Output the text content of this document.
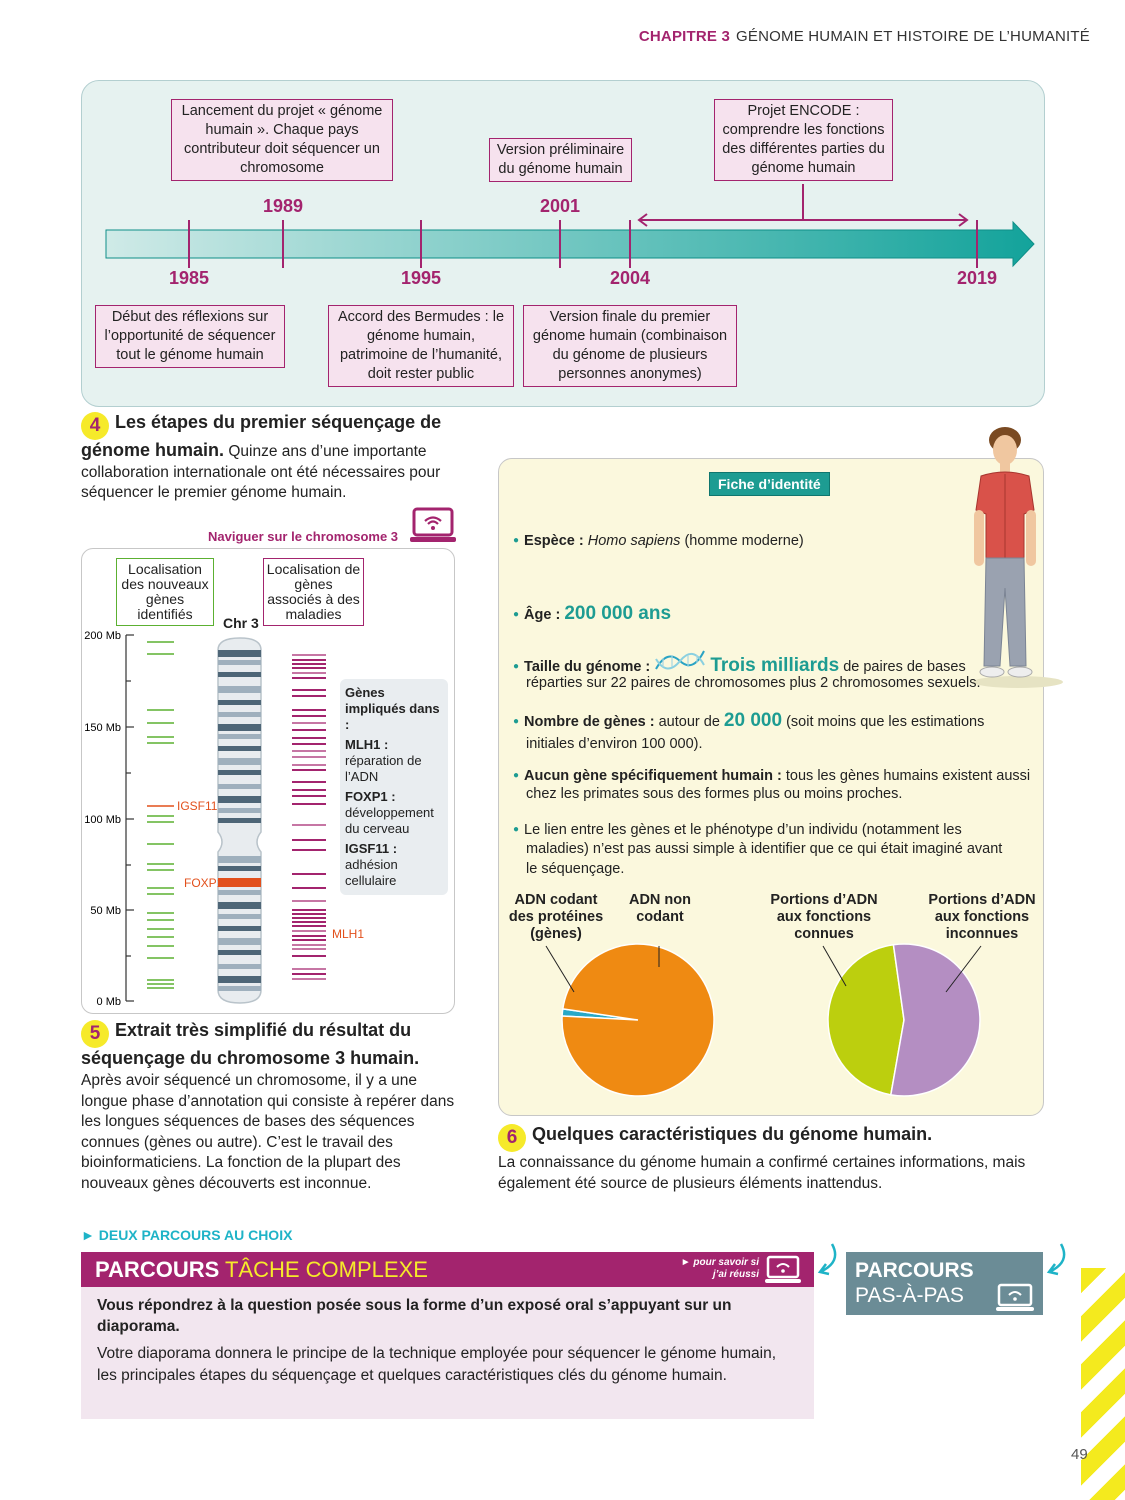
CHAPITRE 3 GÉNOME HUMAIN ET HISTOIRE DE L’HUMANITÉ
Lancement du projet « génome humain ». Chaque pays contributeur doit séquencer un chromosome
Version préliminaire du génome humain
Projet ENCODE : comprendre les fonctions des différentes parties du génome humain
1989	2001
1985	1995	2004	2019
Début des réflexions sur l’opportunité de séquencer tout le génome humain
Accord des Bermudes : le génome humain, patrimoine de l’humanité, doit rester public
Version finale du premier génome humain (combinaison du génome de plusieurs personnes anonymes)
4 Les étapes du premier séquençage de génome humain. Quinze ans d’une importante collaboration internationale ont été nécessaires pour séquencer le premier génome humain.
Naviguer sur le chromosome 3
Localisation des nouveaux gènes identifiés
Localisation de gènes associés à des maladies
Chr 3
200 Mb
150 Mb
100 Mb
50 Mb
0 Mb
IGSF11
FOXP1
MLH1
Gènes impliqués dans :
MLH1 : réparation de l’ADN
FOXP1 : développement du cerveau
IGSF11 : adhésion cellulaire
5 Extrait très simplifié du résultat du séquençage du chromosome 3 humain.
Après avoir séquencé un chromosome, il y a une longue phase d’annotation qui consiste à repérer dans les longues séquences de bases des séquences connues (gènes ou autre). C’est le travail des bioinformaticiens. La fonction de la plupart des nouveaux gènes découverts est inconnue.
Fiche d’identité
● Espèce : Homo sapiens (homme moderne)
● Âge : 200 000 ans
● Taille du génome :	Trois milliards de paires de bases
réparties sur 22 paires de chromosomes plus 2 chromosomes sexuels.
● Nombre de gènes : autour de 20 000 (soit moins que les estimations
initiales d’environ 100 000).
● Aucun gène spécifiquement humain : tous les gènes humains existent aussi
chez les primates sous des formes plus ou moins proches.
● Le lien entre les gènes et le phénotype d’un individu (notamment les
maladies) n’est pas aussi simple à identifier que ce qui était imaginé avant
le séquençage.
ADN codant des protéines (gènes)
ADN non codant
Portions d’ADN aux fonctions connues
Portions d’ADN aux fonctions inconnues
6 Quelques caractéristiques du génome humain.
La connaissance du génome humain a confirmé certaines informations, mais également été source de plusieurs éléments inattendus.
► DEUX PARCOURS AU CHOIX
PARCOURS TÂCHE COMPLEXE	► pour savoir si j’ai réussi
Vous répondrez à la question posée sous la forme d’un exposé oral s’appuyant sur un diaporama.
Votre diaporama donnera le principe de la technique employée pour séquencer le génome humain, les principales étapes du séquençage et quelques caractéristiques clés du génome humain.
PARCOURS
PAS-À-PAS
49
